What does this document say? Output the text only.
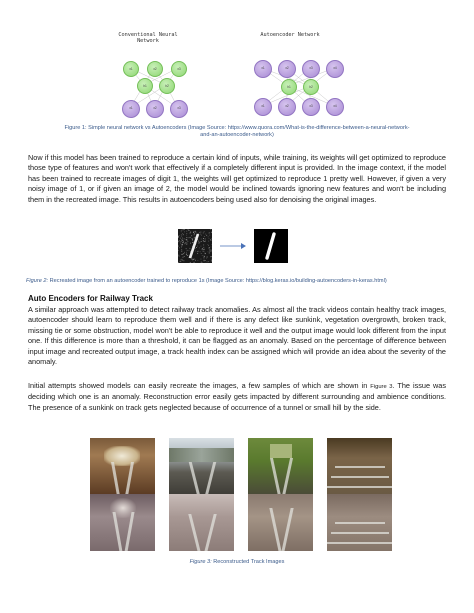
Conventional Neural Network
Autoencoder Network
x1	x2	x3
h1	h2
x1	x2	x3
x1	x2	x3	x4
h1	h2
x1	x2	x3	x4
Figure 1: Simple neural network vs Autoencoders (Image Source: https://www.quora.com/What-is-the-difference-between-a-neural-network-and-an-autoencoder-network)
Now if this model has been trained to reproduce a certain kind of inputs, while training, its weights will get optimized to reproduce those type of features and won't work that effectively if a completely different input is provided. In the image context, if the model has been trained to recreate images of digit 1, the weights will get optimized to reproduce 1 pretty well. However, if given a very noisy image of 1, or if given an image of 2, the model would be inclined towards ignoring new features and won't be including them in the recreated image. This results in autoencoders being used also for denoising the original images.
Figure 2: Recreated image from an autoencoder trained to reproduce 1s (Image Source: https://blog.keras.io/building-autoencoders-in-keras.html)
Auto Encoders for Railway Track
A similar approach was attempted to detect railway track anomalies. As almost all the track videos contain healthy track images, autoencoder should learn to reproduce them well and if there is any defect like sunkink, vegetation overgrowth, broken track, missing tie or some obstruction, model won't be able to reproduce it well and the output image would look different from the input one. If this difference is more than a threshold, it can be flagged as an anomaly. Based on the percentage of difference between input image and recreated output image, a track health index can be assigned which will provide an idea about the severity of the anomaly.
Initial attempts showed models can easily recreate the images, a few samples of which are shown in Figure 3. The issue was deciding which one is an anomaly. Reconstruction error easily gets impacted by different surrounding and ambience conditions. The presence of a sunkink on track gets neglected because of occurrence of a tunnel or small hill by the side.
Figure 3: Reconstructed Track Images
